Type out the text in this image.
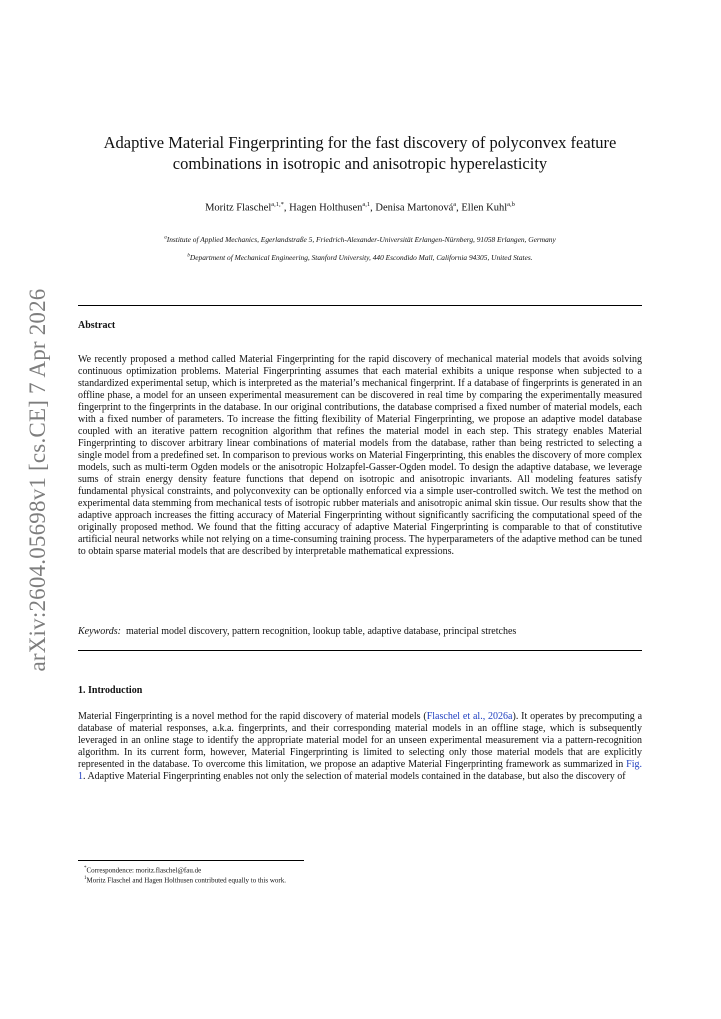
arXiv:2604.05698v1 [cs.CE] 7 Apr 2026
Adaptive Material Fingerprinting for the fast discovery of polyconvex feature
combinations in isotropic and anisotropic hyperelasticity
Moritz Flaschel$^{a,1,*}$, Hagen Holthusen$^{a,1}$, Denisa Martonová$^a$, Ellen Kuhl$^{a,b}$
$^a$Institute of Applied Mechanics, Egerlandstraße 5, Friedrich-Alexander-Universität Erlangen-Nürnberg, 91058 Erlangen, Germany
$^b$Department of Mechanical Engineering, Stanford University, 440 Escondido Mall, California 94305, United States.
Abstract
We recently proposed a method called Material Fingerprinting for the rapid discovery of mechanical material models that avoids solving continuous optimization problems. Material Fingerprinting assumes that each material exhibits a unique response when subjected to a standardized experimental setup, which is interpreted as the material’s mechanical fingerprint. If a database of fingerprints is generated in an offline phase, a model for an unseen experimental measurement can be discovered in real time by comparing the experimentally measured fingerprint to the fingerprints in the database. In our original contributions, the database comprised a fixed number of material models, each with a fixed number of parameters. To increase the fitting flexibility of Material Fingerprinting, we propose an adaptive model database coupled with an iterative pattern recognition algorithm that refines the material model in each step. This strategy enables Material Fingerprinting to discover arbitrary linear combinations of material models from the database, rather than being restricted to selecting a single model from a predefined set. In comparison to previous works on Material Fingerprinting, this enables the discovery of more complex models, such as multi-term Ogden models or the anisotropic Holzapfel-Gasser-Ogden model. To design the adaptive database, we leverage sums of strain energy density feature functions that depend on isotropic and anisotropic invariants. All modeling features satisfy fundamental physical constraints, and polyconvexity can be optionally enforced via a simple user-controlled switch. We test the method on experimental data stemming from mechanical tests of isotropic rubber materials and anisotropic animal skin tissue. Our results show that the adaptive approach increases the fitting accuracy of Material Fingerprinting without significantly sacrificing the computational speed of the originally proposed method. We found that the fitting accuracy of adaptive Material Fingerprinting is comparable to that of constitutive artificial neural networks while not relying on a time-consuming training process. The hyperparameters of the adaptive method can be tuned to obtain sparse material models that are described by interpretable mathematical expressions.
Keywords: material model discovery, pattern recognition, lookup table, adaptive database, principal stretches
1. Introduction
Material Fingerprinting is a novel method for the rapid discovery of material models (Flaschel et al., 2026a). It operates by precomputing a database of material responses, a.k.a. fingerprints, and their corresponding material models in an offline stage, which is subsequently leveraged in an online stage to identify the appropriate material model for an unseen experimental measurement via a pattern-recognition algorithm. In its current form, however, Material Fingerprinting is limited to selecting only those material models that are explicitly represented in the database. To overcome this limitation, we propose an adaptive Material Fingerprinting framework as summarized in Fig. 1. Adaptive Material Fingerprinting enables not only the selection of material models contained in the database, but also the discovery of
*Correspondence: moritz.flaschel@fau.de
$^1$Moritz Flaschel and Hagen Holthusen contributed equally to this work.
